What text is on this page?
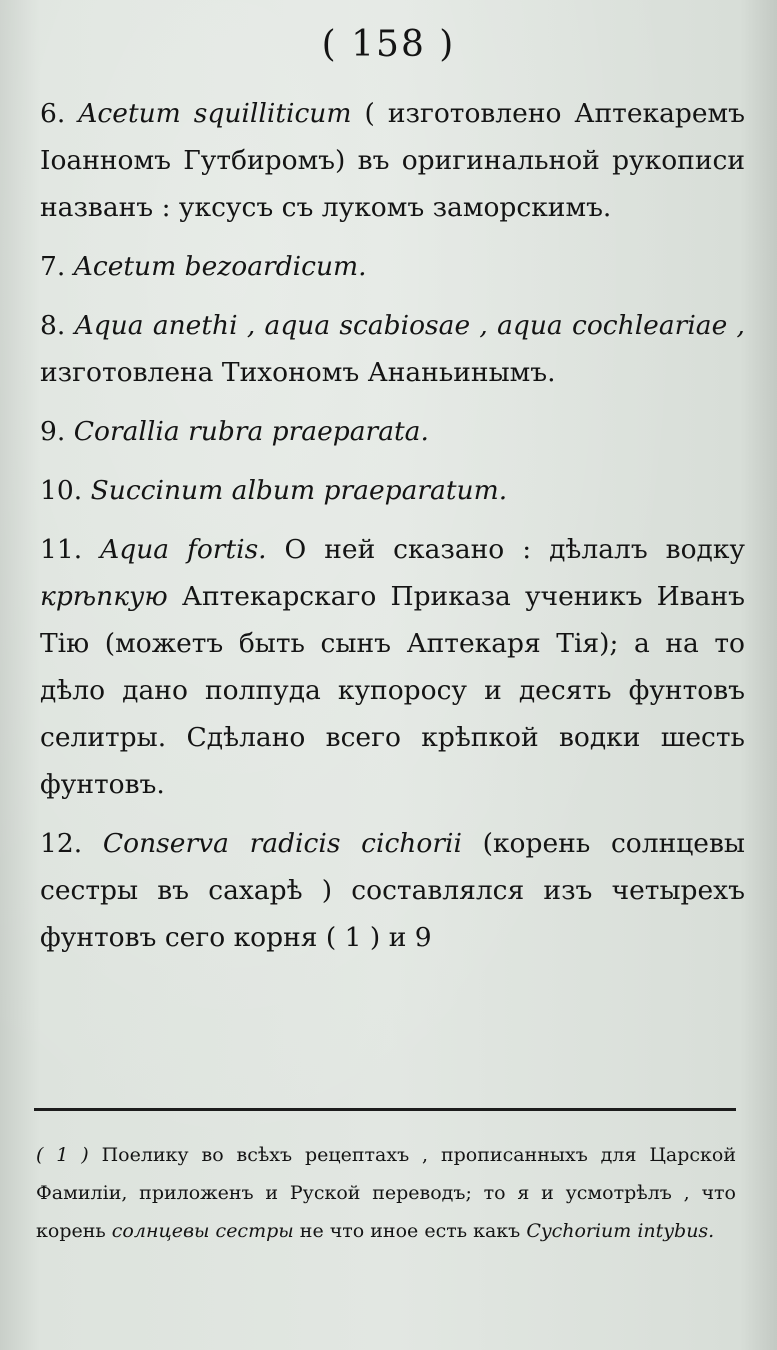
( 158 )
6. Acetum squilliticum ( изготовлено Аптекаремъ Іоанномъ Гутбиромъ) въ оригинальной рукописи названъ : уксусъ съ лукомъ заморскимъ.
7. Acetum bezoardicum.
8. Aqua anethi , aqua scabiosae , aqua cochleariae , изготовлена Тихономъ Ананьинымъ.
9. Corallia rubra praeparata.
10. Succinum album praeparatum.
11. Aqua fortis. О ней сказано : дѣлалъ водку крѣпкую Аптекарскаго Приказа ученикъ Иванъ Тію (можетъ быть сынъ Аптекаря Тія); а на то дѣло дано полпуда купоросу и десять фунтовъ селитры. Сдѣлано всего крѣпкой водки шесть фунтовъ.
12. Conserva radicis cichorii (корень солнцевы сестры въ сахарѣ ) составлялся изъ четырехъ фунтовъ сего корня ( 1 ) и 9
( 1 ) Поелику во всѣхъ рецептахъ , прописанныхъ для Царской Фамиліи, приложенъ и Руской переводъ; то я и усмотрѣлъ , что корень солнцевы сестры не что иное есть какъ Cychorium intybus.
